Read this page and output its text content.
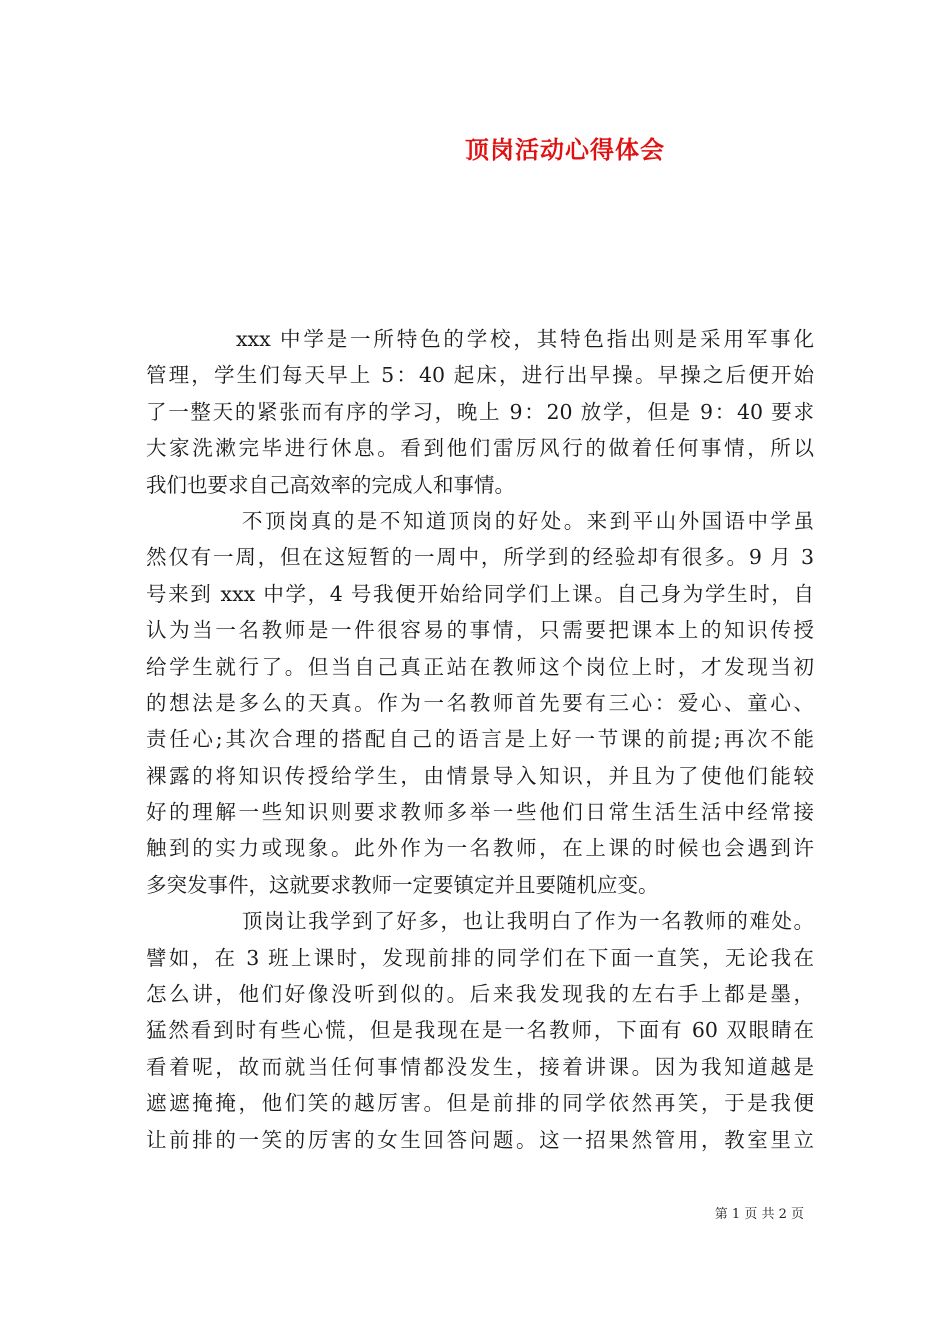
顶岗活动心得体会
xxx 中学是一所特色的学校，其特色指出则是采用军事化
管理，学生们每天早上 5：40 起床，进行出早操。早操之后便开始
了一整天的紧张而有序的学习，晚上 9：20 放学，但是 9：40 要求
大家洗漱完毕进行休息。看到他们雷厉风行的做着任何事情，所以
我们也要求自己高效率的完成人和事情。
不顶岗真的是不知道顶岗的好处。来到平山外国语中学虽
然仅有一周，但在这短暂的一周中，所学到的经验却有很多。9 月 3
号来到 xxx 中学，4 号我便开始给同学们上课。自己身为学生时，自
认为当一名教师是一件很容易的事情，只需要把课本上的知识传授
给学生就行了。但当自己真正站在教师这个岗位上时，才发现当初
的想法是多么的天真。作为一名教师首先要有三心：爱心、童心、
责任心;其次合理的搭配自己的语言是上好一节课的前提;再次不能
裸露的将知识传授给学生，由情景导入知识，并且为了使他们能较
好的理解一些知识则要求教师多举一些他们日常生活生活中经常接
触到的实力或现象。此外作为一名教师，在上课的时候也会遇到许
多突发事件，这就要求教师一定要镇定并且要随机应变。
顶岗让我学到了好多，也让我明白了作为一名教师的难处。
譬如，在 3 班上课时，发现前排的同学们在下面一直笑，无论我在
怎么讲，他们好像没听到似的。后来我发现我的左右手上都是墨，
猛然看到时有些心慌，但是我现在是一名教师，下面有 60 双眼睛在
看着呢，故而就当任何事情都没发生，接着讲课。因为我知道越是
遮遮掩掩，他们笑的越厉害。但是前排的同学依然再笑，于是我便
让前排的一笑的厉害的女生回答问题。这一招果然管用，教室里立
第 1 页 共 2 页
